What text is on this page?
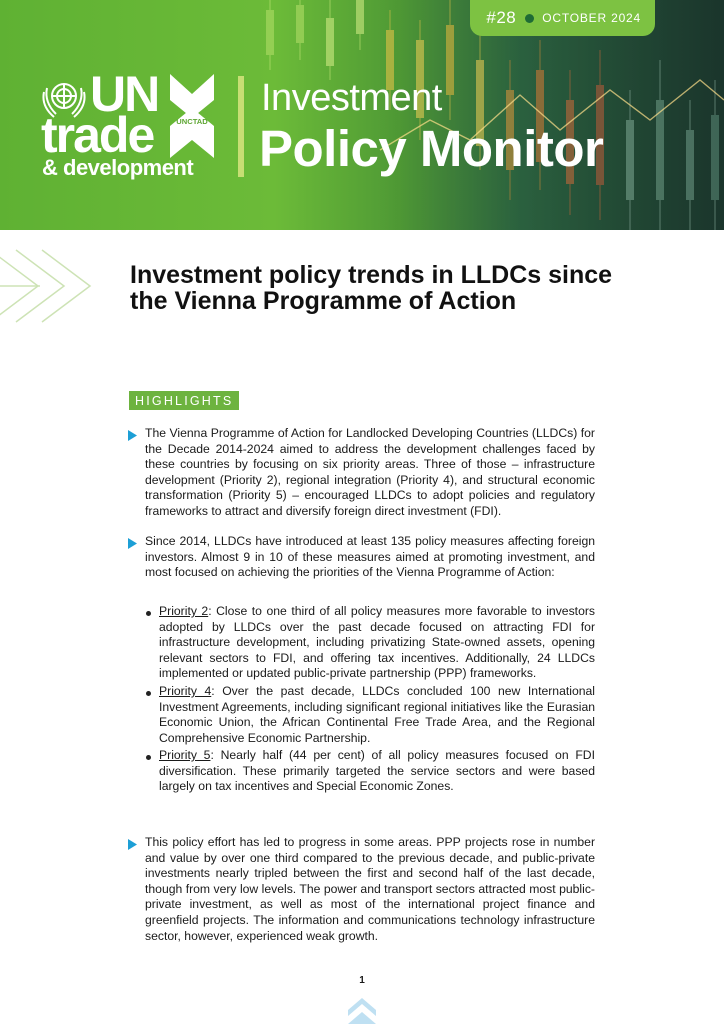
#28 OCTOBER 2024
UN
trade
& development
UNCTAD
Investment
Policy Monitor
Investment policy trends in LLDCs since the Vienna Programme of Action
HIGHLIGHTS

The Vienna Programme of Action for Landlocked Developing Countries (LLDCs) for the Decade 2014-2024 aimed to address the development challenges faced by these countries by focusing on six priority areas. Three of those – infrastructure development (Priority 2), regional integration (Priority 4), and structural economic transformation (Priority 5) – encouraged LLDCs to adopt policies and regulatory frameworks to attract and diversify foreign direct investment (FDI).

Since 2014, LLDCs have introduced at least 135 policy measures affecting foreign investors. Almost 9 in 10 of these measures aimed at promoting investment, and most focused on achieving the priorities of the Vienna Programme of Action:

Priority 2: Close to one third of all policy measures more favorable to investors adopted by LLDCs over the past decade focused on attracting FDI for infrastructure development, including privatizing State-owned assets, opening relevant sectors to FDI, and offering tax incentives. Additionally, 24 LLDCs implemented or updated public-private partnership (PPP) frameworks.

Priority 4: Over the past decade, LLDCs concluded 100 new International Investment Agreements, including significant regional initiatives like the Eurasian Economic Union, the African Continental Free Trade Area, and the Regional Comprehensive Economic Partnership.

Priority 5: Nearly half (44 per cent) of all policy measures focused on FDI diversification. These primarily targeted the service sectors and were based largely on tax incentives and Special Economic Zones.

This policy effort has led to progress in some areas. PPP projects rose in number and value by over one third compared to the previous decade, and public-private investments nearly tripled between the first and second half of the last decade, though from very low levels. The power and transport sectors attracted most public-private investment, as well as most of the international project finance and greenfield projects. The information and communications technology infrastructure sector, however, experienced weak growth.

1
